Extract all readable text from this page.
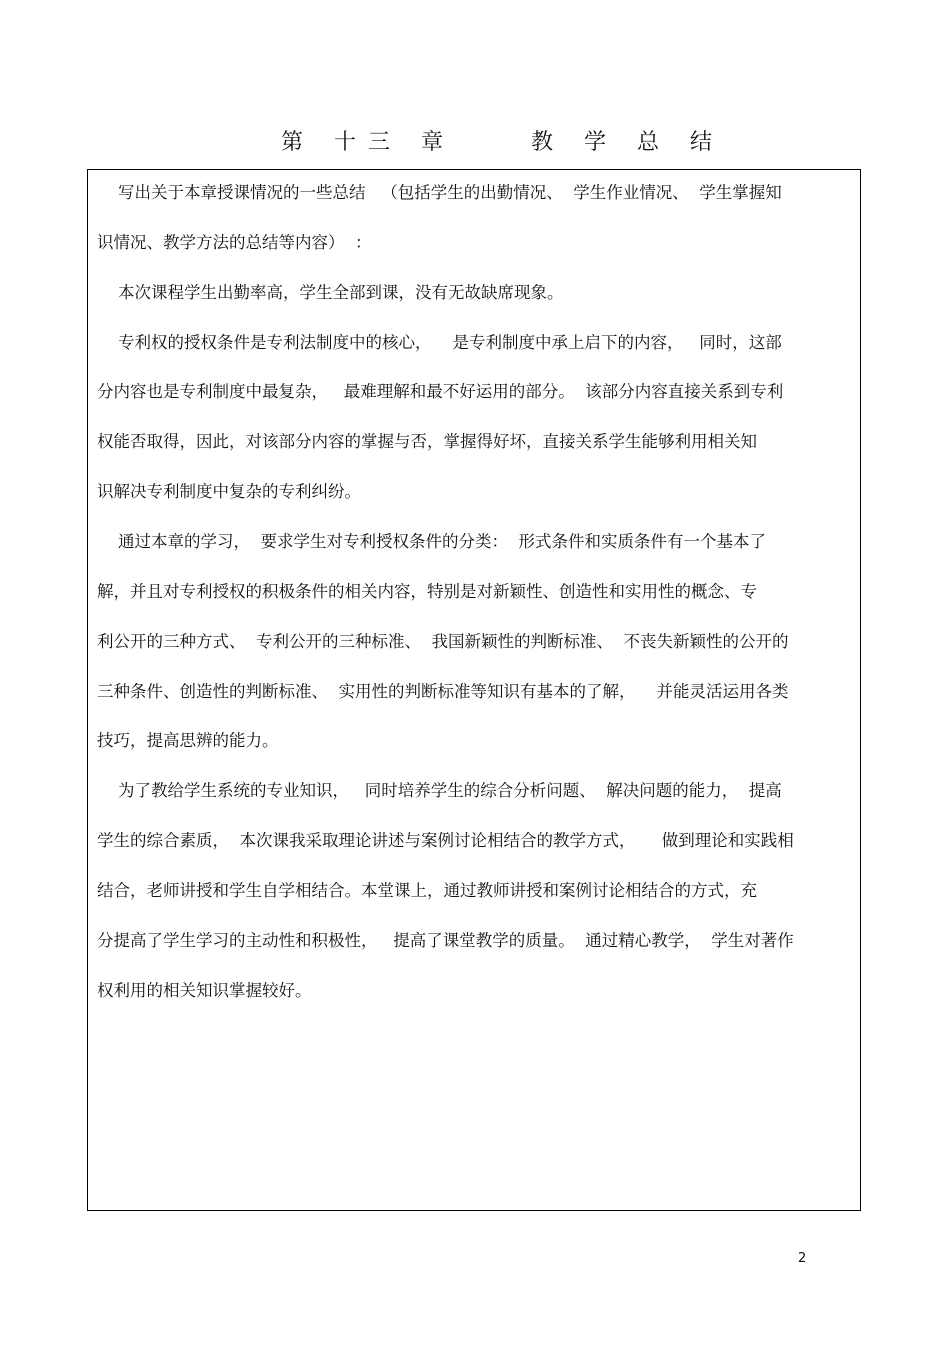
第 十三 章    教 学 总 结
写出关于本章授课情况的一些总结   （包括学生的出勤情况、  学生作业情况、  学生掌握知
识情况、教学方法的总结等内容）  ：
本次课程学生出勤率高，学生全部到课，没有无故缺席现象。
专利权的授权条件是专利法制度中的核心，    是专利制度中承上启下的内容，   同时，这部
分内容也是专利制度中最复杂，   最难理解和最不好运用的部分。  该部分内容直接关系到专利
权能否取得，因此，对该部分内容的掌握与否，掌握得好坏，直接关系学生能够利用相关知
识解决专利制度中复杂的专利纠纷。
通过本章的学习，  要求学生对专利授权条件的分类：  形式条件和实质条件有一个基本了
解，并且对专利授权的积极条件的相关内容，特别是对新颖性、创造性和实用性的概念、专
利公开的三种方式、  专利公开的三种标准、  我国新颖性的判断标准、  不丧失新颖性的公开的
三种条件、创造性的判断标准、  实用性的判断标准等知识有基本的了解，    并能灵活运用各类
技巧，提高思辨的能力。
为了教给学生系统的专业知识，   同时培养学生的综合分析问题、  解决问题的能力，  提高
学生的综合素质，  本次课我采取理论讲述与案例讨论相结合的教学方式，     做到理论和实践相
结合，老师讲授和学生自学相结合。本堂课上，通过教师讲授和案例讨论相结合的方式，充
分提高了学生学习的主动性和积极性，   提高了课堂教学的质量。  通过精心教学，  学生对著作
权利用的相关知识掌握较好。
2
